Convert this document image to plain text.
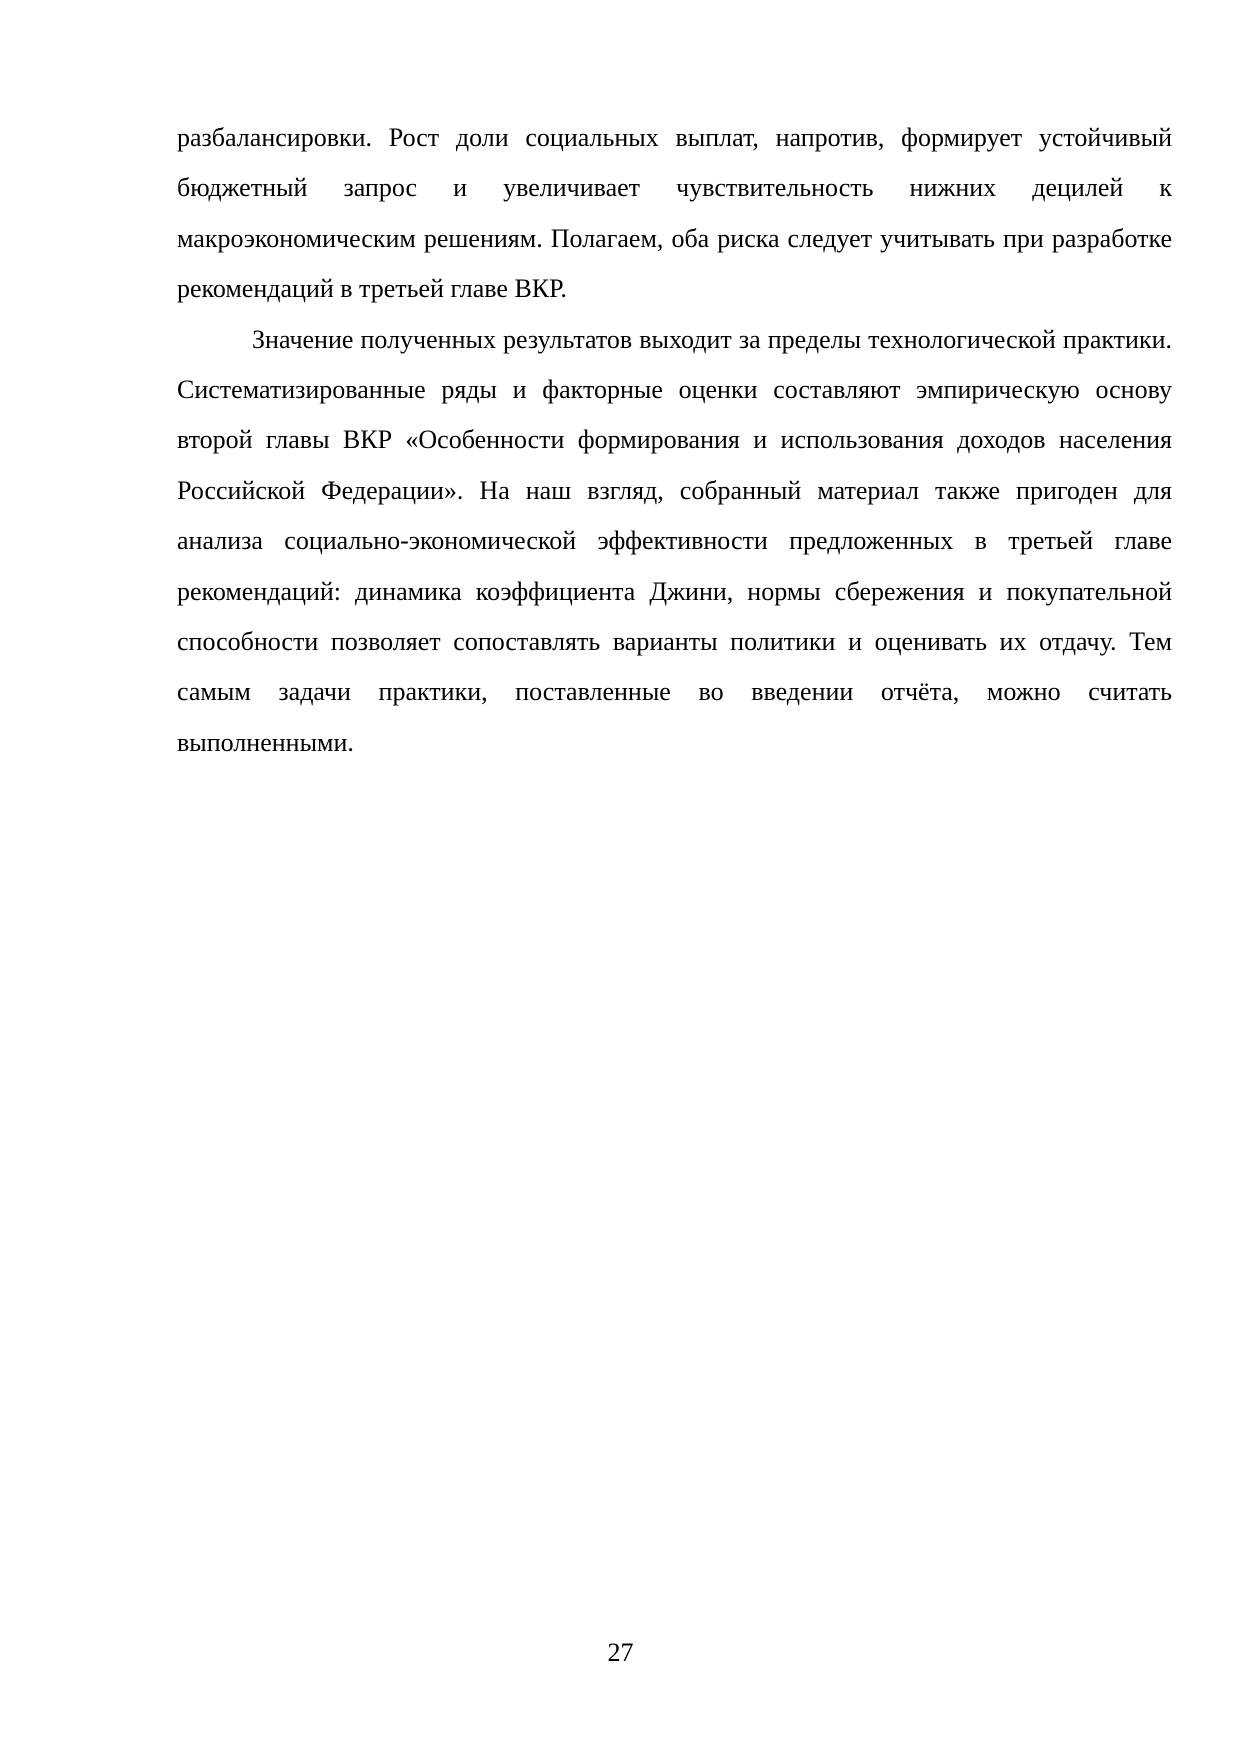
разбалансировки. Рост доли социальных выплат, напротив, формирует устойчивый бюджетный запрос и увеличивает чувствительность нижних децилей к макроэкономическим решениям. Полагаем, оба риска следует учитывать при разработке рекомендаций в третьей главе ВКР.

Значение полученных результатов выходит за пределы технологической практики. Систематизированные ряды и факторные оценки составляют эмпирическую основу второй главы ВКР «Особенности формирования и использования доходов населения Российской Федерации». На наш взгляд, собранный материал также пригоден для анализа социально-экономической эффективности предложенных в третьей главе рекомендаций: динамика коэффициента Джини, нормы сбережения и покупательной способности позволяет сопоставлять варианты политики и оценивать их отдачу. Тем самым задачи практики, поставленные во введении отчёта, можно считать выполненными.

27
